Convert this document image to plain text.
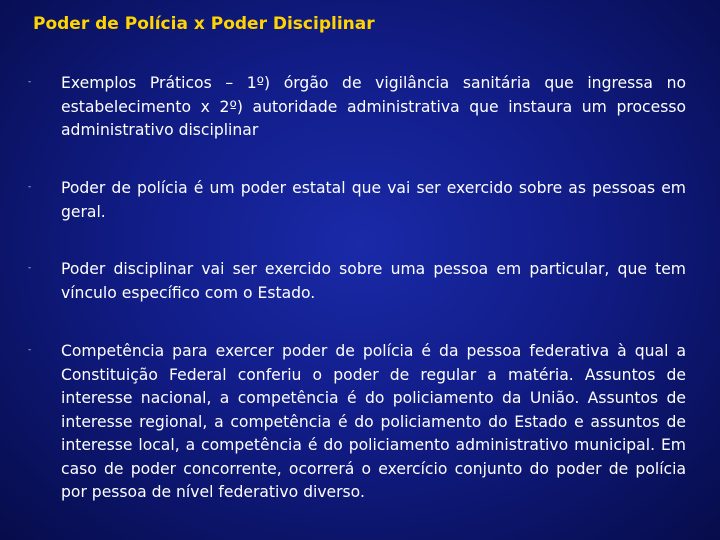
Poder de Polícia x Poder Disciplinar
- Exemplos Práticos – 1º) órgão de vigilância sanitária que ingressa no estabelecimento x 2º) autoridade administrativa que instaura um processo administrativo disciplinar
- Poder de polícia é um poder estatal que vai ser exercido sobre as pessoas em geral.
- Poder disciplinar vai ser exercido sobre uma pessoa em particular, que tem vínculo específico com o Estado.
- Competência para exercer poder de polícia é da pessoa federativa à qual a Constituição Federal conferiu o poder de regular a matéria. Assuntos de interesse nacional, a competência é do policiamento da União. Assuntos de interesse regional, a competência é do policiamento do Estado e assuntos de interesse local, a competência é do policiamento administrativo municipal. Em caso de poder concorrente, ocorrerá o exercício conjunto do poder de polícia por pessoa de nível federativo diverso.
